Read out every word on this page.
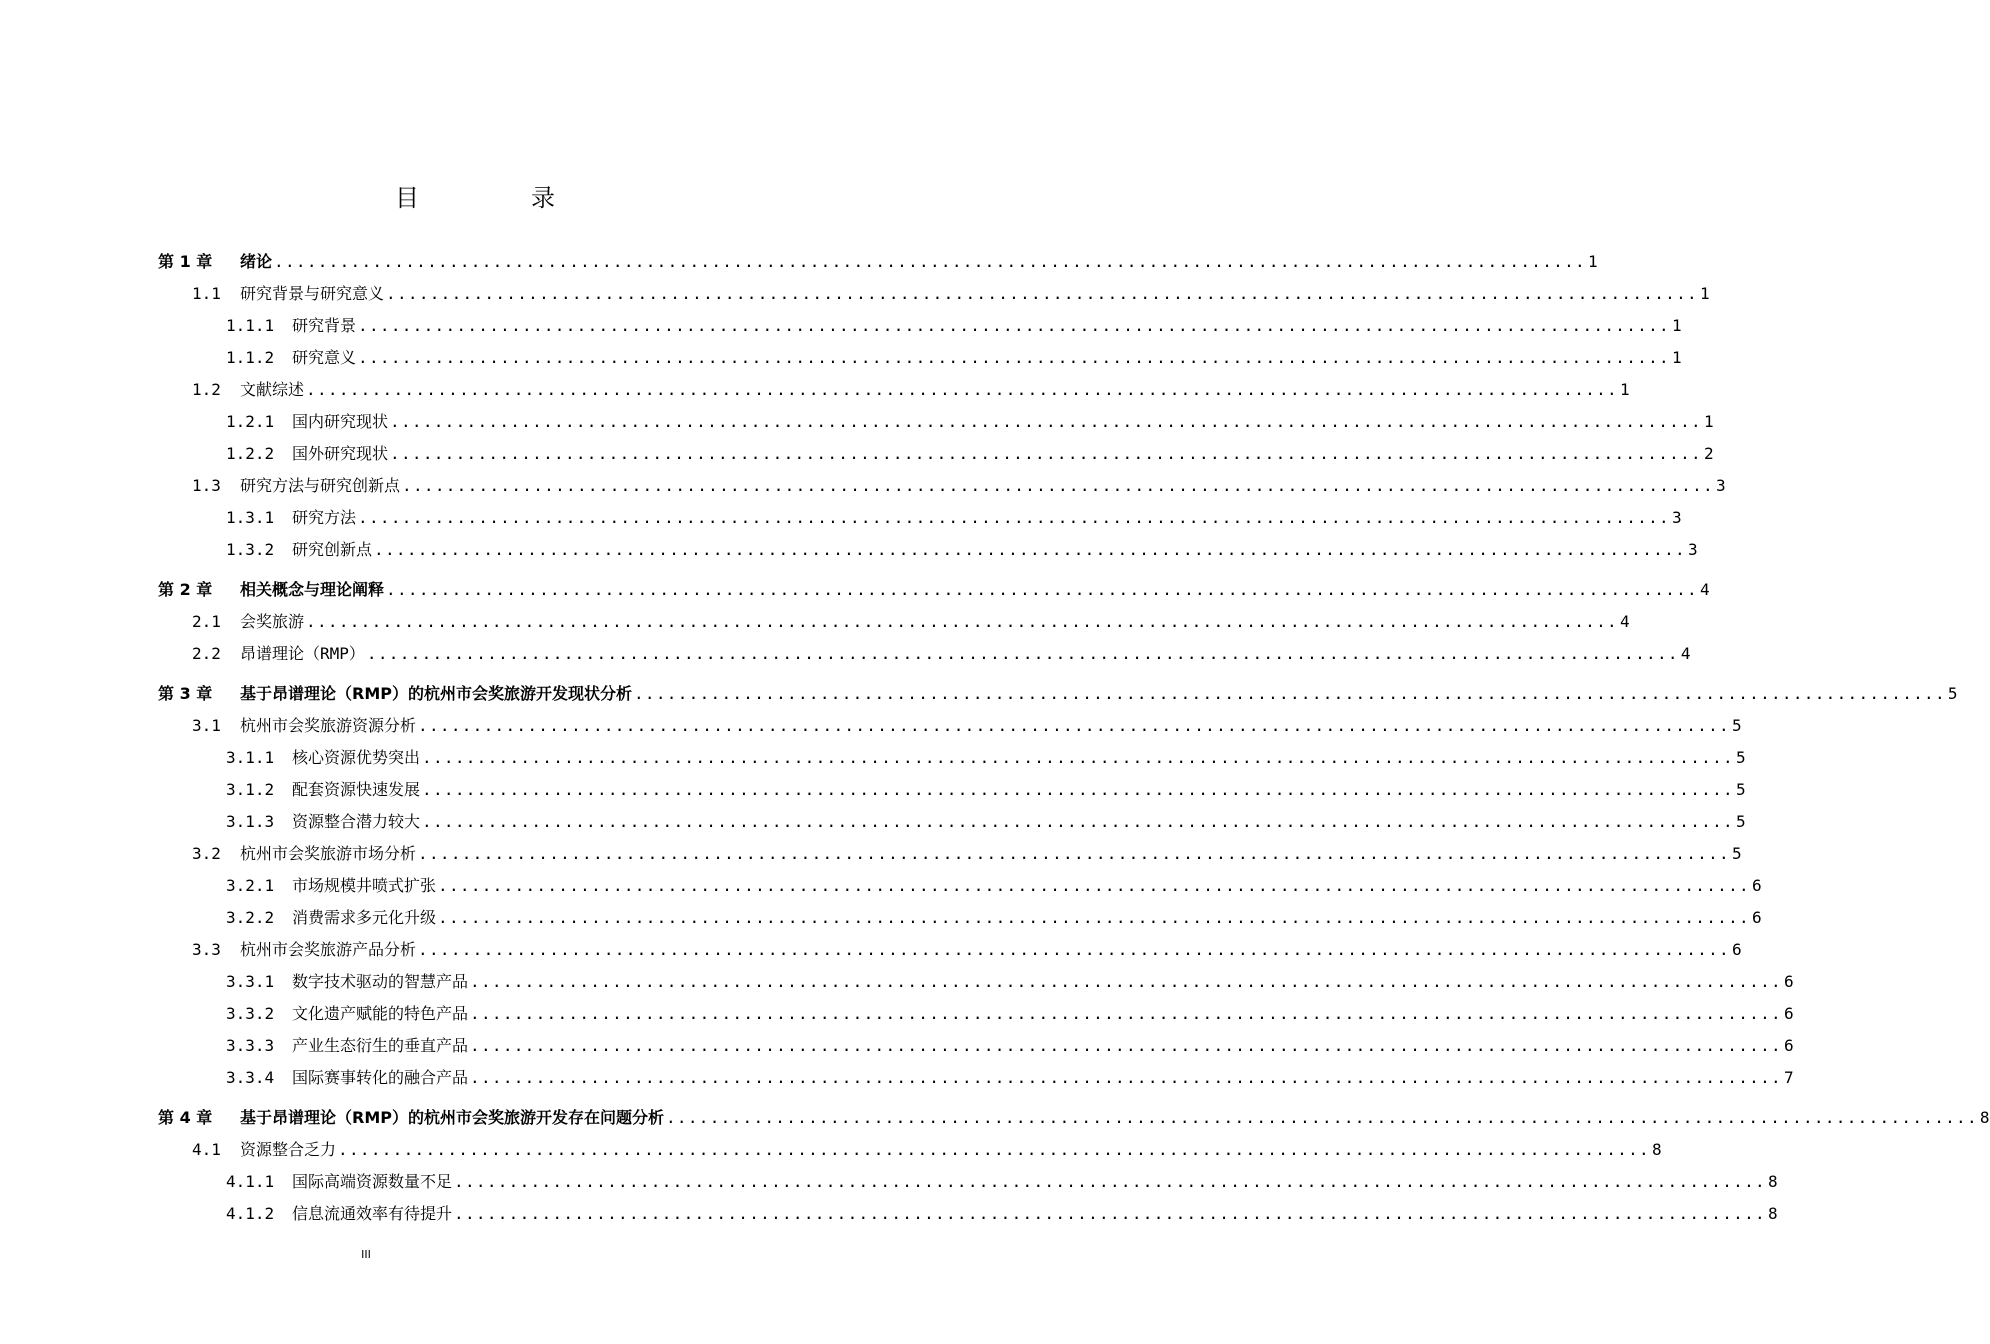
目　录
第 1 章	绪论 ........................................................................................................................ 1
1.1	研究背景与研究意义 ........................................................................................................................ 1
1.1.1	研究背景 ........................................................................................................................ 1
1.1.2	研究意义 ........................................................................................................................ 1
1.2	文献综述 ........................................................................................................................ 1
1.2.1	国内研究现状 ........................................................................................................................ 1
1.2.2	国外研究现状 ........................................................................................................................ 2
1.3	研究方法与研究创新点 ........................................................................................................................ 3
1.3.1	研究方法 ........................................................................................................................ 3
1.3.2	研究创新点 ........................................................................................................................ 3
第 2 章	相关概念与理论阐释 ........................................................................................................................ 4
2.1	会奖旅游 ........................................................................................................................ 4
2.2	昂谱理论（RMP） ........................................................................................................................ 4
第 3 章	基于昂谱理论（RMP）的杭州市会奖旅游开发现状分析 ........................................................................................................................ 5
3.1	杭州市会奖旅游资源分析 ........................................................................................................................ 5
3.1.1	核心资源优势突出 ........................................................................................................................ 5
3.1.2	配套资源快速发展 ........................................................................................................................ 5
3.1.3	资源整合潜力较大 ........................................................................................................................ 5
3.2	杭州市会奖旅游市场分析 ........................................................................................................................ 5
3.2.1	市场规模井喷式扩张 ........................................................................................................................ 6
3.2.2	消费需求多元化升级 ........................................................................................................................ 6
3.3	杭州市会奖旅游产品分析 ........................................................................................................................ 6
3.3.1	数字技术驱动的智慧产品 ........................................................................................................................ 6
3.3.2	文化遗产赋能的特色产品 ........................................................................................................................ 6
3.3.3	产业生态衍生的垂直产品 ........................................................................................................................ 6
3.3.4	国际赛事转化的融合产品 ........................................................................................................................ 7
第 4 章	基于昂谱理论（RMP）的杭州市会奖旅游开发存在问题分析 ........................................................................................................................ 8
4.1	资源整合乏力 ........................................................................................................................ 8
4.1.1	国际高端资源数量不足 ........................................................................................................................ 8
4.1.2	信息流通效率有待提升 ........................................................................................................................ 8
III
